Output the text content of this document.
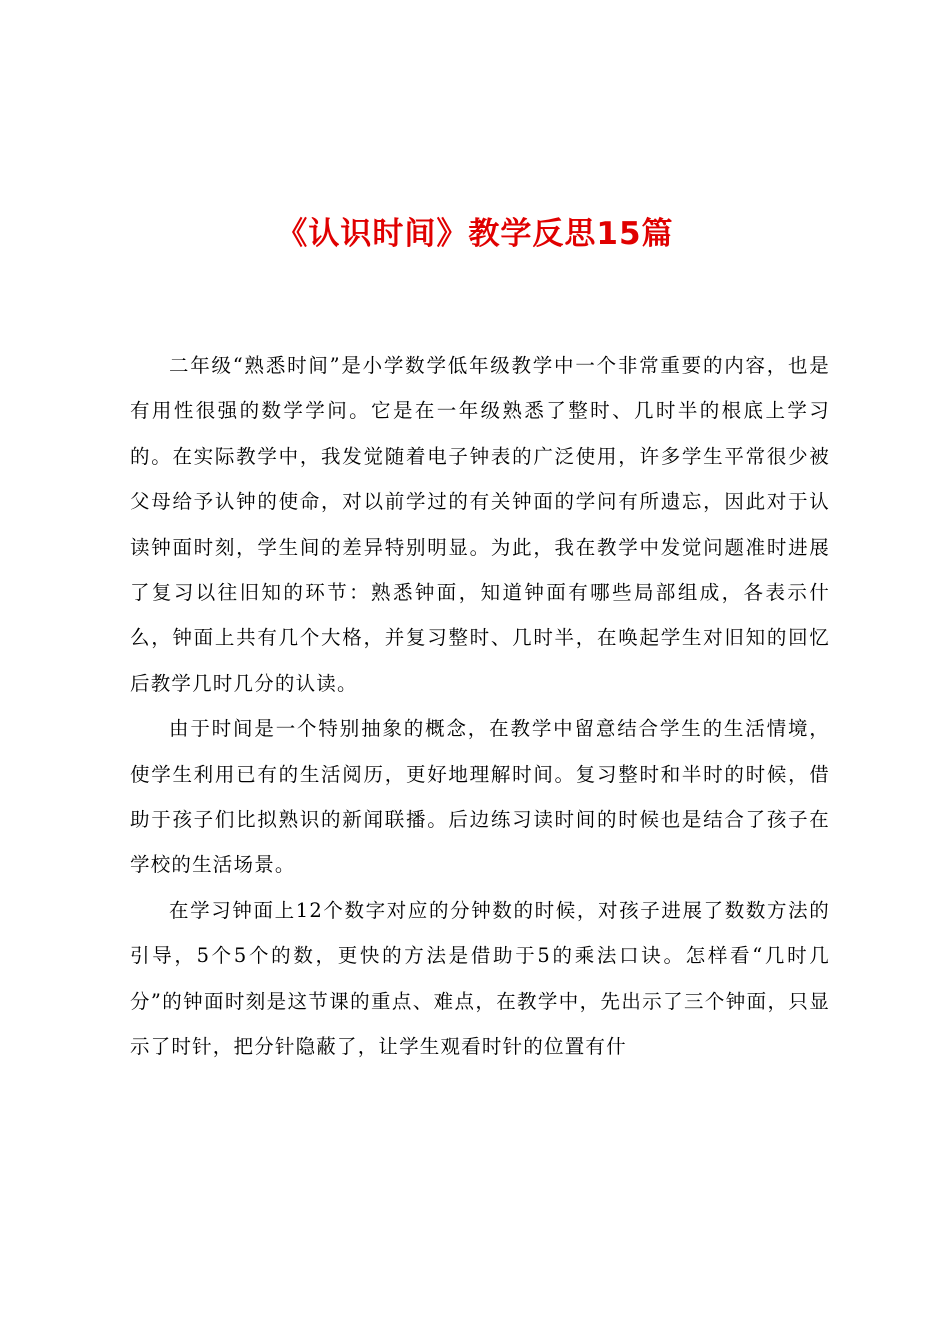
《认识时间》教学反思15篇

二年级“熟悉时间”是小学数学低年级教学中一个非常重要的内容，也是有用性很强的数学学问。它是在一年级熟悉了整时、几时半的根底上学习的。在实际教学中，我发觉随着电子钟表的广泛使用，许多学生平常很少被父母给予认钟的使命，对以前学过的有关钟面的学问有所遗忘，因此对于认读钟面时刻，学生间的差异特别明显。为此，我在教学中发觉问题准时进展了复习以往旧知的环节：熟悉钟面，知道钟面有哪些局部组成，各表示什么，钟面上共有几个大格，并复习整时、几时半，在唤起学生对旧知的回忆后教学几时几分的认读。

由于时间是一个特别抽象的概念，在教学中留意结合学生的生活情境，使学生利用已有的生活阅历，更好地理解时间。复习整时和半时的时候，借助于孩子们比拟熟识的新闻联播。后边练习读时间的时候也是结合了孩子在学校的生活场景。

在学习钟面上12个数字对应的分钟数的时候，对孩子进展了数数方法的引导，5个5个的数，更快的方法是借助于5的乘法口诀。怎样看“几时几分”的钟面时刻是这节课的重点、难点，在教学中，先出示了三个钟面，只显示了时针，把分针隐蔽了，让学生观看时针的位置有什
